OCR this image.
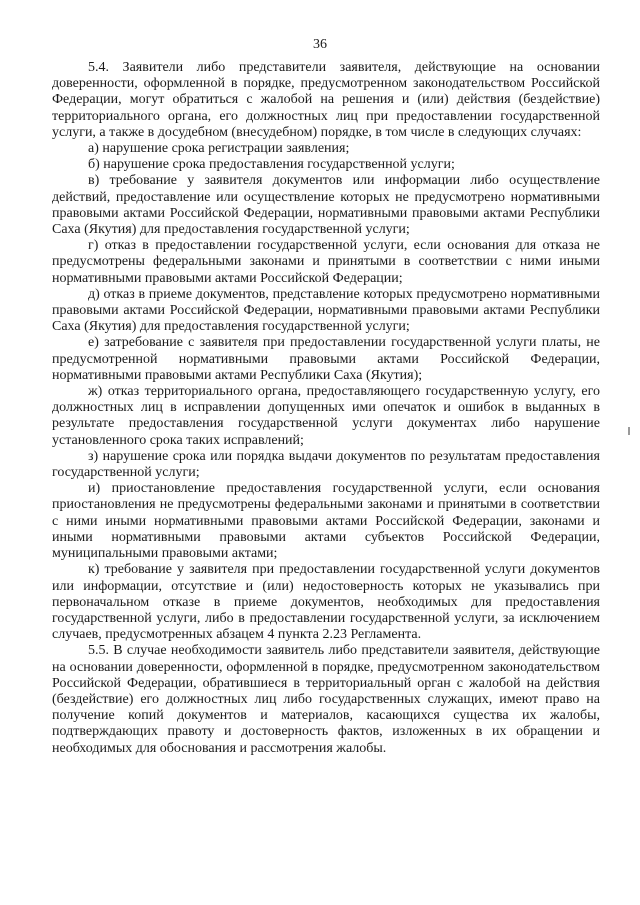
36

5.4. Заявители либо представители заявителя, действующие на основании доверенности, оформленной в порядке, предусмотренном законодательством Российской Федерации, могут обратиться с жалобой на решения и (или) действия (бездействие) территориального органа, его должностных лиц при предоставлении государственной услуги, а также в досудебном (внесудебном) порядке, в том числе в следующих случаях:

а) нарушение срока регистрации заявления;

б) нарушение срока предоставления государственной услуги;

в) требование у заявителя документов или информации либо осуществление действий, предоставление или осуществление которых не предусмотрено нормативными правовыми актами Российской Федерации, нормативными правовыми актами Республики Саха (Якутия) для предоставления государственной услуги;

г) отказ в предоставлении государственной услуги, если основания для отказа не предусмотрены федеральными законами и принятыми в соответствии с ними иными нормативными правовыми актами Российской Федерации;

д) отказ в приеме документов, представление которых предусмотрено нормативными правовыми актами Российской Федерации, нормативными правовыми актами Республики Саха (Якутия) для предоставления государственной услуги;

е) затребование с заявителя при предоставлении государственной услуги платы, не предусмотренной нормативными правовыми актами Российской Федерации, нормативными правовыми актами Республики Саха (Якутия);

ж) отказ территориального органа, предоставляющего государственную услугу, его должностных лиц в исправлении допущенных ими опечаток и ошибок в выданных в результате предоставления государственной услуги документах либо нарушение установленного срока таких исправлений;

з) нарушение срока или порядка выдачи документов по результатам предоставления государственной услуги;

и) приостановление предоставления государственной услуги, если основания приостановления не предусмотрены федеральными законами и принятыми в соответствии с ними иными нормативными правовыми актами Российской Федерации, законами и иными нормативными правовыми актами субъектов Российской Федерации, муниципальными правовыми актами;

к) требование у заявителя при предоставлении государственной услуги документов или информации, отсутствие и (или) недостоверность которых не указывались при первоначальном отказе в приеме документов, необходимых для предоставления государственной услуги, либо в предоставлении государственной услуги, за исключением случаев, предусмотренных абзацем 4 пункта 2.23 Регламента.

5.5. В случае необходимости заявитель либо представители заявителя, действующие на основании доверенности, оформленной в порядке, предусмотренном законодательством Российской Федерации, обратившиеся в территориальный орган с жалобой на действия (бездействие) его должностных лиц либо государственных служащих, имеют право на получение копий документов и материалов, касающихся существа их жалобы, подтверждающих правоту и достоверность фактов, изложенных в их обращении и необходимых для обоснования и рассмотрения жалобы.
